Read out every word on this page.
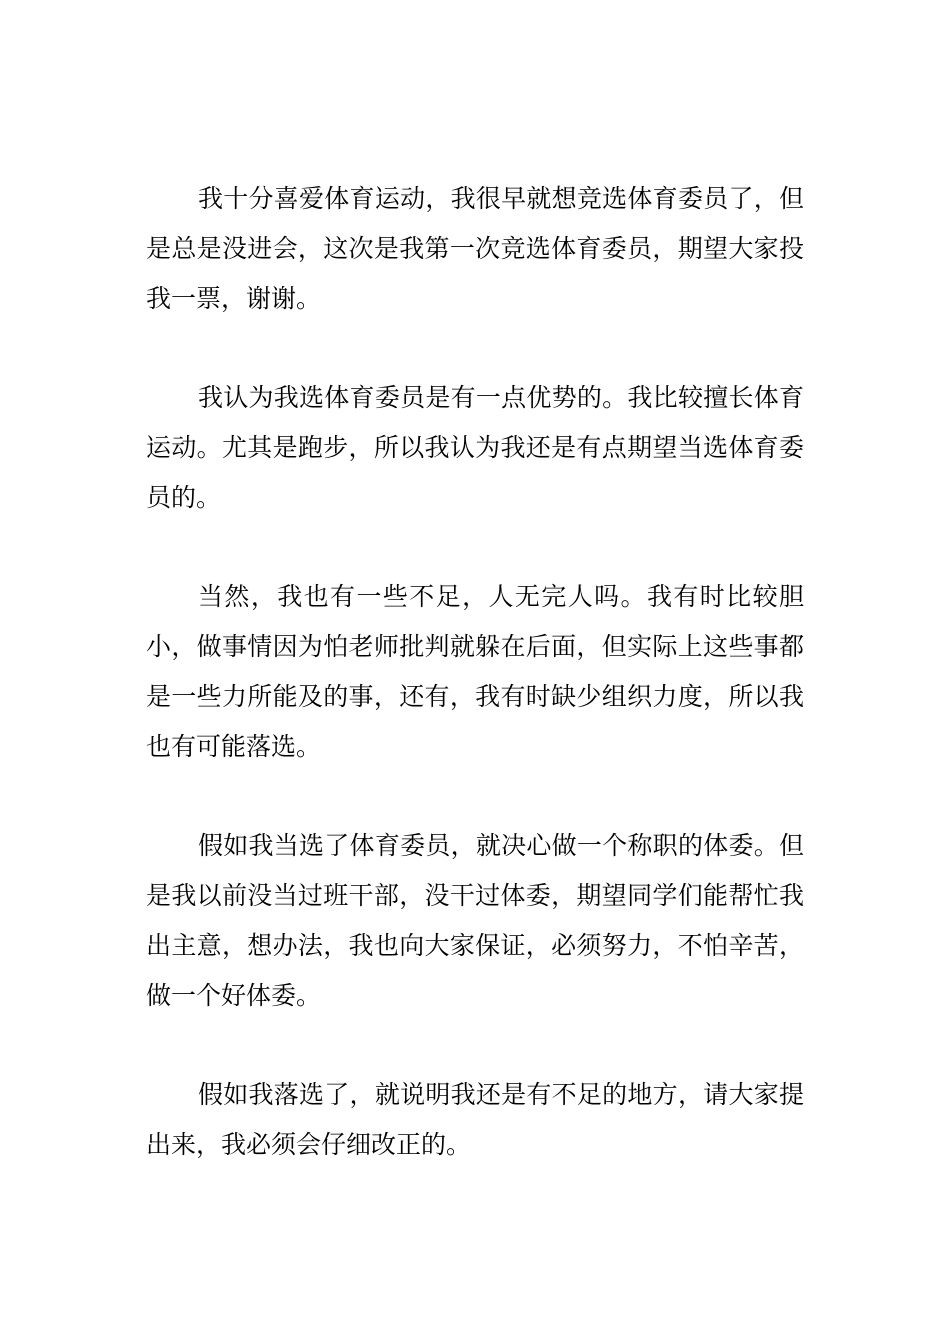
我十分喜爱体育运动，我很早就想竞选体育委员了，但是总是没进会，这次是我第一次竞选体育委员，期望大家投我一票，谢谢。

我认为我选体育委员是有一点优势的。我比较擅长体育运动。尤其是跑步，所以我认为我还是有点期望当选体育委员的。

当然，我也有一些不足，人无完人吗。我有时比较胆小，做事情因为怕老师批判就躲在后面，但实际上这些事都是一些力所能及的事，还有，我有时缺少组织力度，所以我也有可能落选。

假如我当选了体育委员，就决心做一个称职的体委。但是我以前没当过班干部，没干过体委，期望同学们能帮忙我出主意，想办法，我也向大家保证，必须努力，不怕辛苦，做一个好体委。

假如我落选了，就说明我还是有不足的地方，请大家提出来，我必须会仔细改正的。
